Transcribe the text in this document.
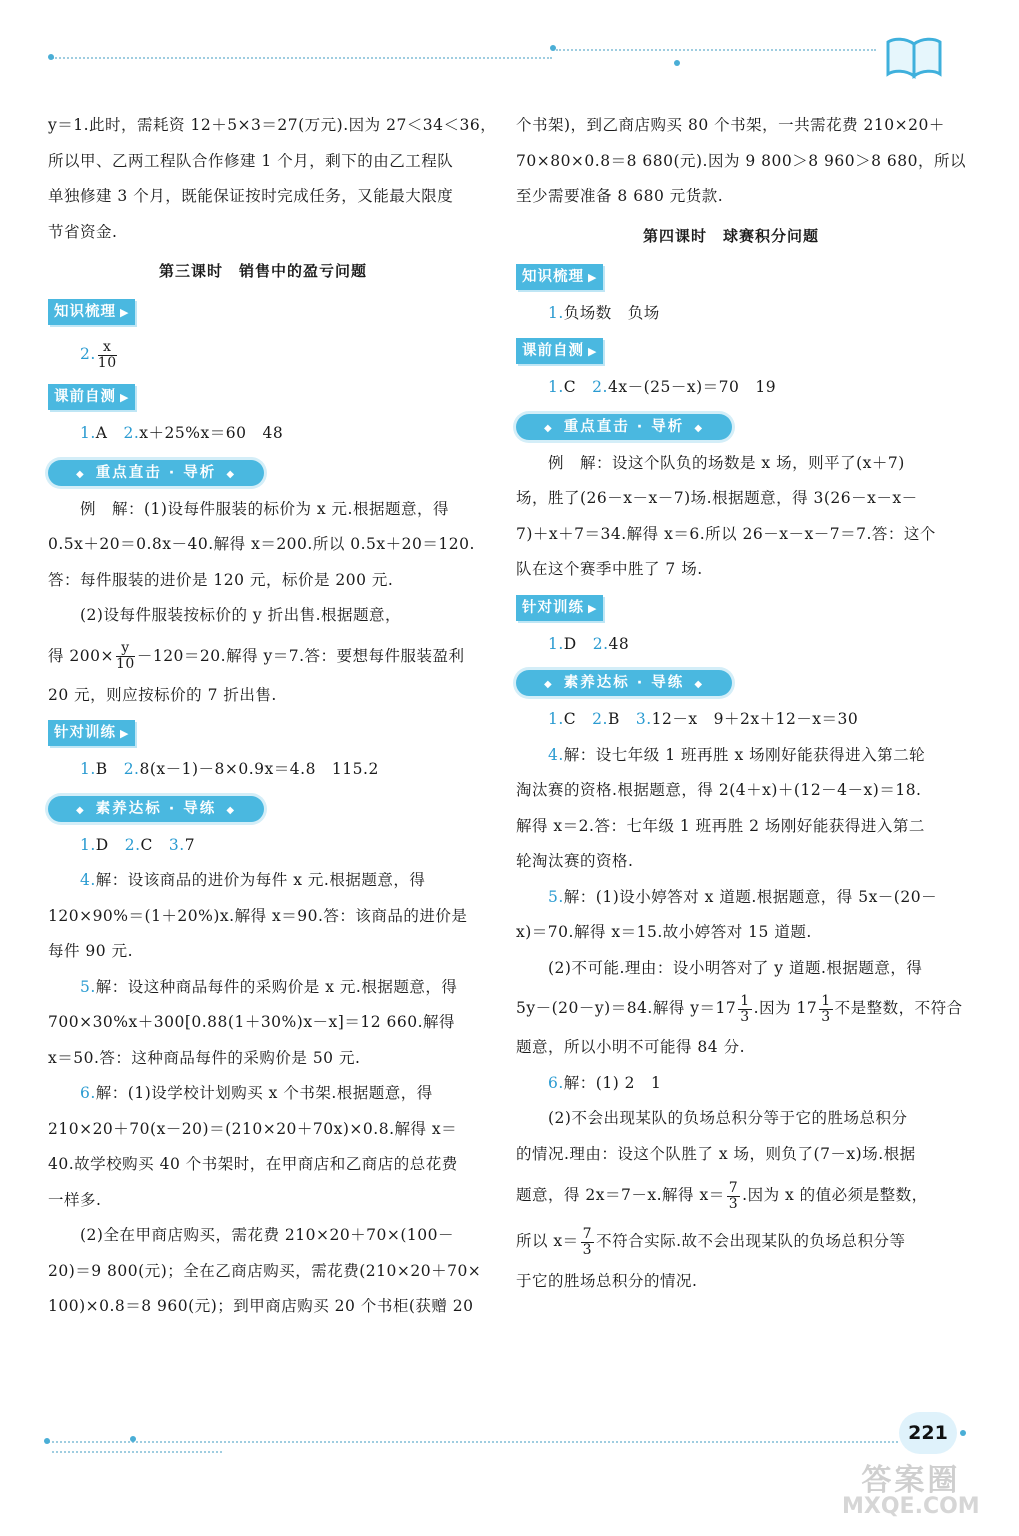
y＝1.此时，需耗资 12＋5×3＝27(万元).因为 27＜34＜36，

所以甲、乙两工程队合作修建 1 个月，剩下的由乙工程队

单独修建 3 个月，既能保证按时完成任务，又能最大限度

节省资金.

第三课时　销售中的盈亏问题
知识梳理 ▶

2. $\frac{x}{10}$

课前自测 ▶

1.A　2.x＋25%x＝60　48

◆ 重点直击 · 导析 ◆

例　解：(1)设每件服装的标价为 x 元.根据题意，得

0.5x＋20＝0.8x－40.解得 x＝200.所以 0.5x＋20＝120.

答：每件服装的进价是 120 元，标价是 200 元.

(2)设每件服装按标价的 y 折出售.根据题意，

得 $200\times \frac{y}{10} -120=20$.解得 y＝7.答：要想每件服装盈利

20 元，则应按标价的 7 折出售.

针对训练 ▶

1.B　2.8(x－1)－8×0.9x＝4.8　115.2

◆ 素养达标 · 导练 ◆

1.D　2.C　3.7

4.解：设该商品的进价为每件 x 元.根据题意，得

120×90%＝(1＋20%)x.解得 x＝90.答：该商品的进价是

每件 90 元.

5.解：设这种商品每件的采购价是 x 元.根据题意，得

700×30%x＋300[0.88(1＋30%)x－x]＝12 660.解得

x＝50.答：这种商品每件的采购价是 50 元.

6.解：(1)设学校计划购买 x 个书架.根据题意，得

210×20＋70(x－20)＝(210×20＋70x)×0.8.解得 x＝

40.故学校购买 40 个书架时，在甲商店和乙商店的总花费

一样多.

(2)全在甲商店购买，需花费 210×20＋70×(100－

20)＝9 800(元)；全在乙商店购买，需花费(210×20＋70×

100)×0.8＝8 960(元)；到甲商店购买 20 个书柜(获赠 20

个书架)，到乙商店购买 80 个书架，一共需花费 210×20＋

70×80×0.8＝8 680(元).因为 9 800＞8 960＞8 680，所以

至少需要准备 8 680 元货款.

第四课时　球赛积分问题
知识梳理 ▶

1.负场数　负场

课前自测 ▶

1.C　2.4x－(25－x)＝70　19

◆ 重点直击 · 导析 ◆

例　解：设这个队负的场数是 x 场，则平了(x＋7)

场，胜了(26－x－x－7)场.根据题意，得 3(26－x－x－

7)＋x＋7＝34.解得 x＝6.所以 26－x－x－7＝7.答：这个

队在这个赛季中胜了 7 场.

针对训练 ▶

1.D　2.48

◆ 素养达标 · 导练 ◆

1.C　2.B　3.12－x　9＋2x＋12－x＝30

4.解：设七年级 1 班再胜 x 场刚好能获得进入第二轮

淘汰赛的资格.根据题意，得 2(4＋x)＋(12－4－x)＝18.

解得 x＝2.答：七年级 1 班再胜 2 场刚好能获得进入第二

轮淘汰赛的资格.

5.解：(1)设小婷答对 x 道题.根据题意，得 5x－(20－

x)＝70.解得 x＝15.故小婷答对 15 道题.

(2)不可能.理由：设小明答对了 y 道题.根据题意，得

5y－(20－y)＝84.解得 $y=17 \frac{1}{3}$ .因为 $17 \frac{1}{3}$ 不是整数，不符合

题意，所以小明不可能得 84 分.

6.解：(1) 2　1

(2)不会出现某队的负场总积分等于它的胜场总积分

的情况.理由：设这个队胜了 x 场，则负了(7－x)场.根据

题意，得 2x＝7－x.解得 $x= \frac{7}{3}$ .因为 x 的值必须是整数，

所以 $x= \frac{7}{3}$ 不符合实际.故不会出现某队的负场总积分等

于它的胜场总积分的情况.

221
答案圈
MXQE.COM
